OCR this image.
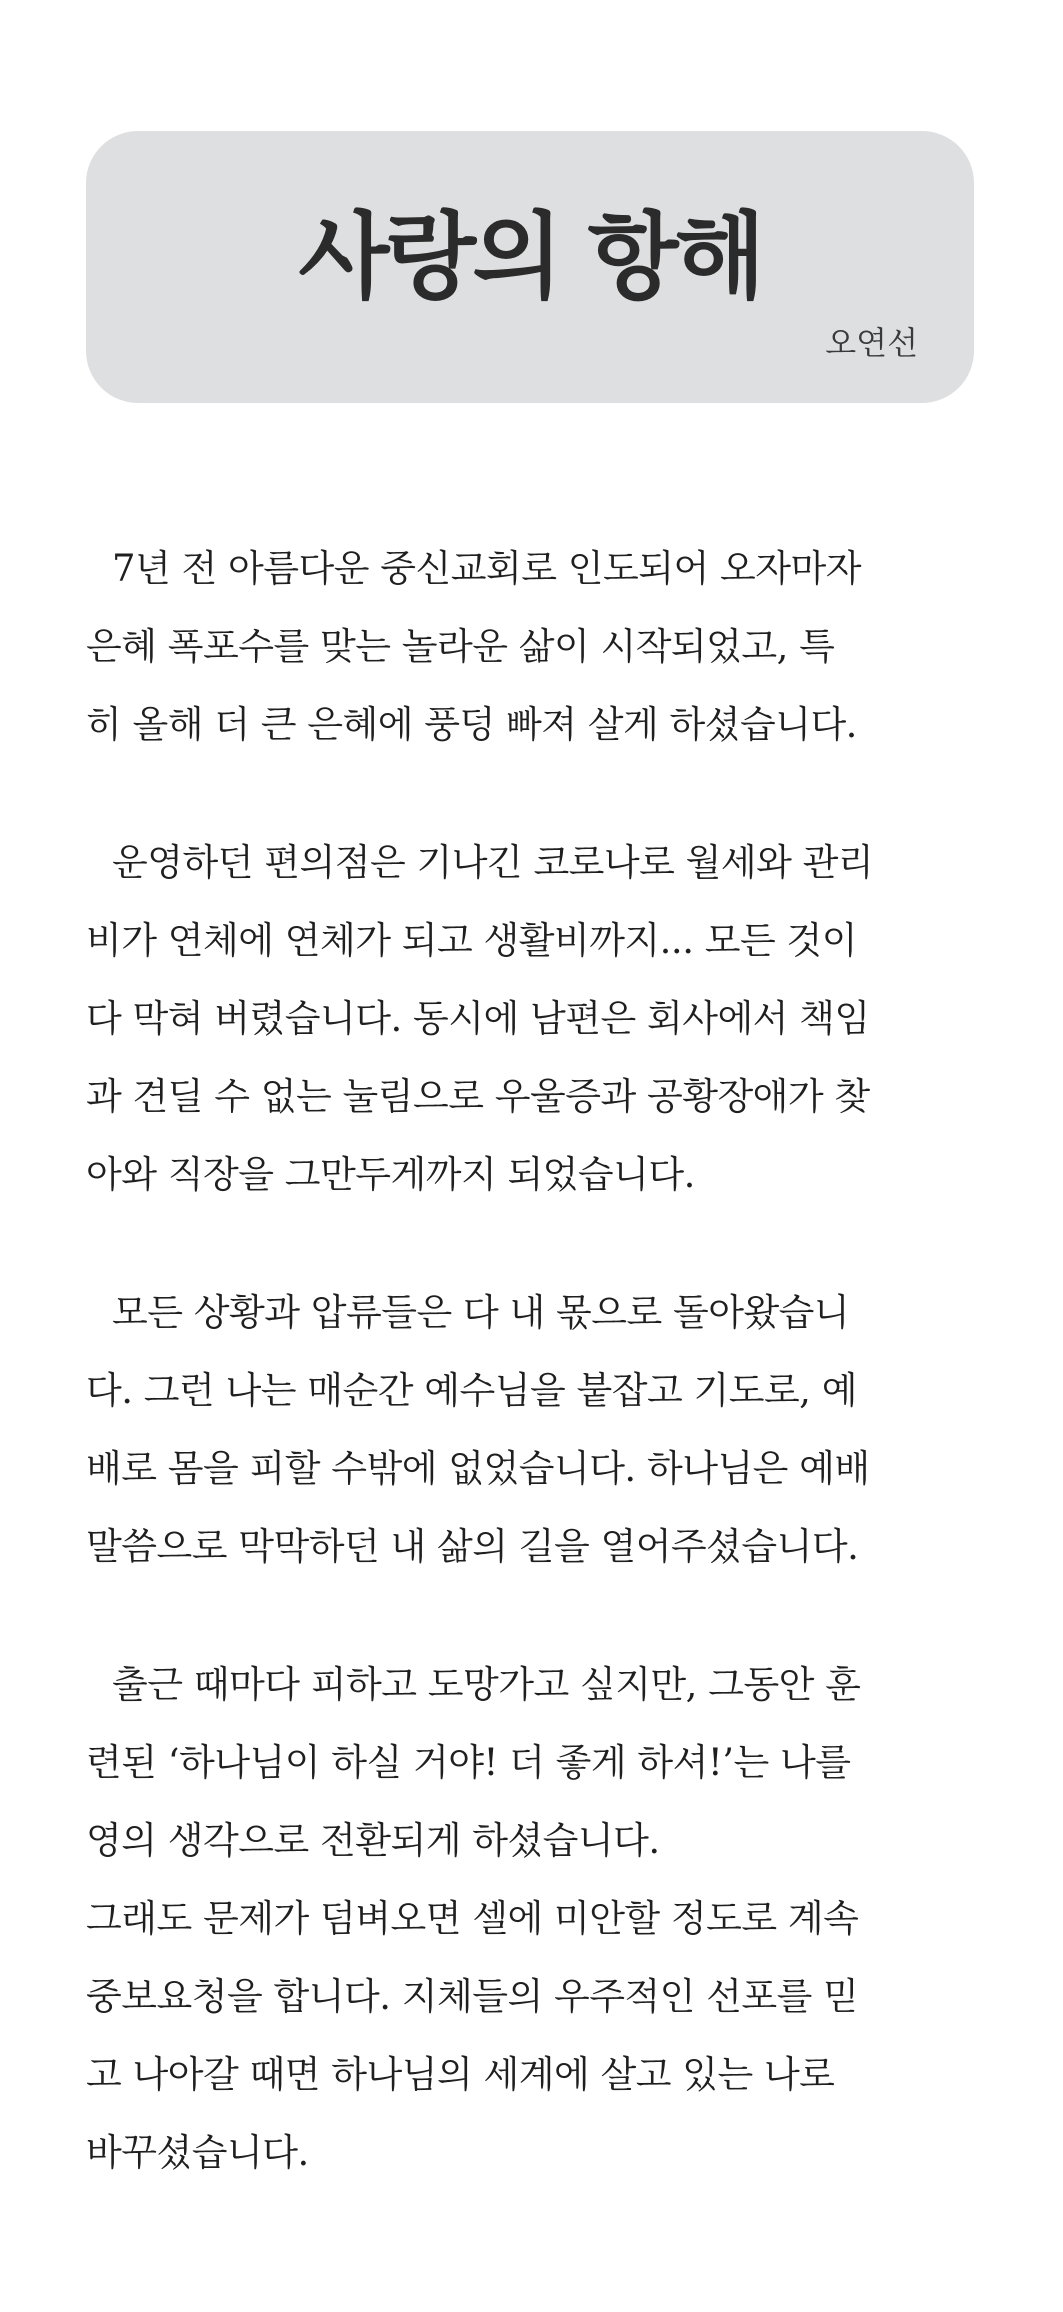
사랑의 항해
오연선

7년 전 아름다운 중신교회로 인도되어 오자마자
은혜 폭포수를 맞는 놀라운 삶이 시작되었고, 특
히 올해 더 큰 은혜에 풍덩 빠져 살게 하셨습니다.

운영하던 편의점은 기나긴 코로나로 월세와 관리
비가 연체에 연체가 되고 생활비까지... 모든 것이
다 막혀 버렸습니다. 동시에 남편은 회사에서 책임
과 견딜 수 없는 눌림으로 우울증과 공황장애가 찾
아와 직장을 그만두게까지 되었습니다.

모든 상황과 압류들은 다 내 몫으로 돌아왔습니
다. 그런 나는 매순간 예수님을 붙잡고 기도로, 예
배로 몸을 피할 수밖에 없었습니다. 하나님은 예배
말씀으로 막막하던 내 삶의 길을 열어주셨습니다.

출근 때마다 피하고 도망가고 싶지만, 그동안 훈
련된 ‘하나님이 하실 거야! 더 좋게 하셔!’는 나를
영의 생각으로 전환되게 하셨습니다.
그래도 문제가 덤벼오면 셀에 미안할 정도로 계속
중보요청을 합니다. 지체들의 우주적인 선포를 믿
고 나아갈 때면 하나님의 세계에 살고 있는 나로
바꾸셨습니다.
